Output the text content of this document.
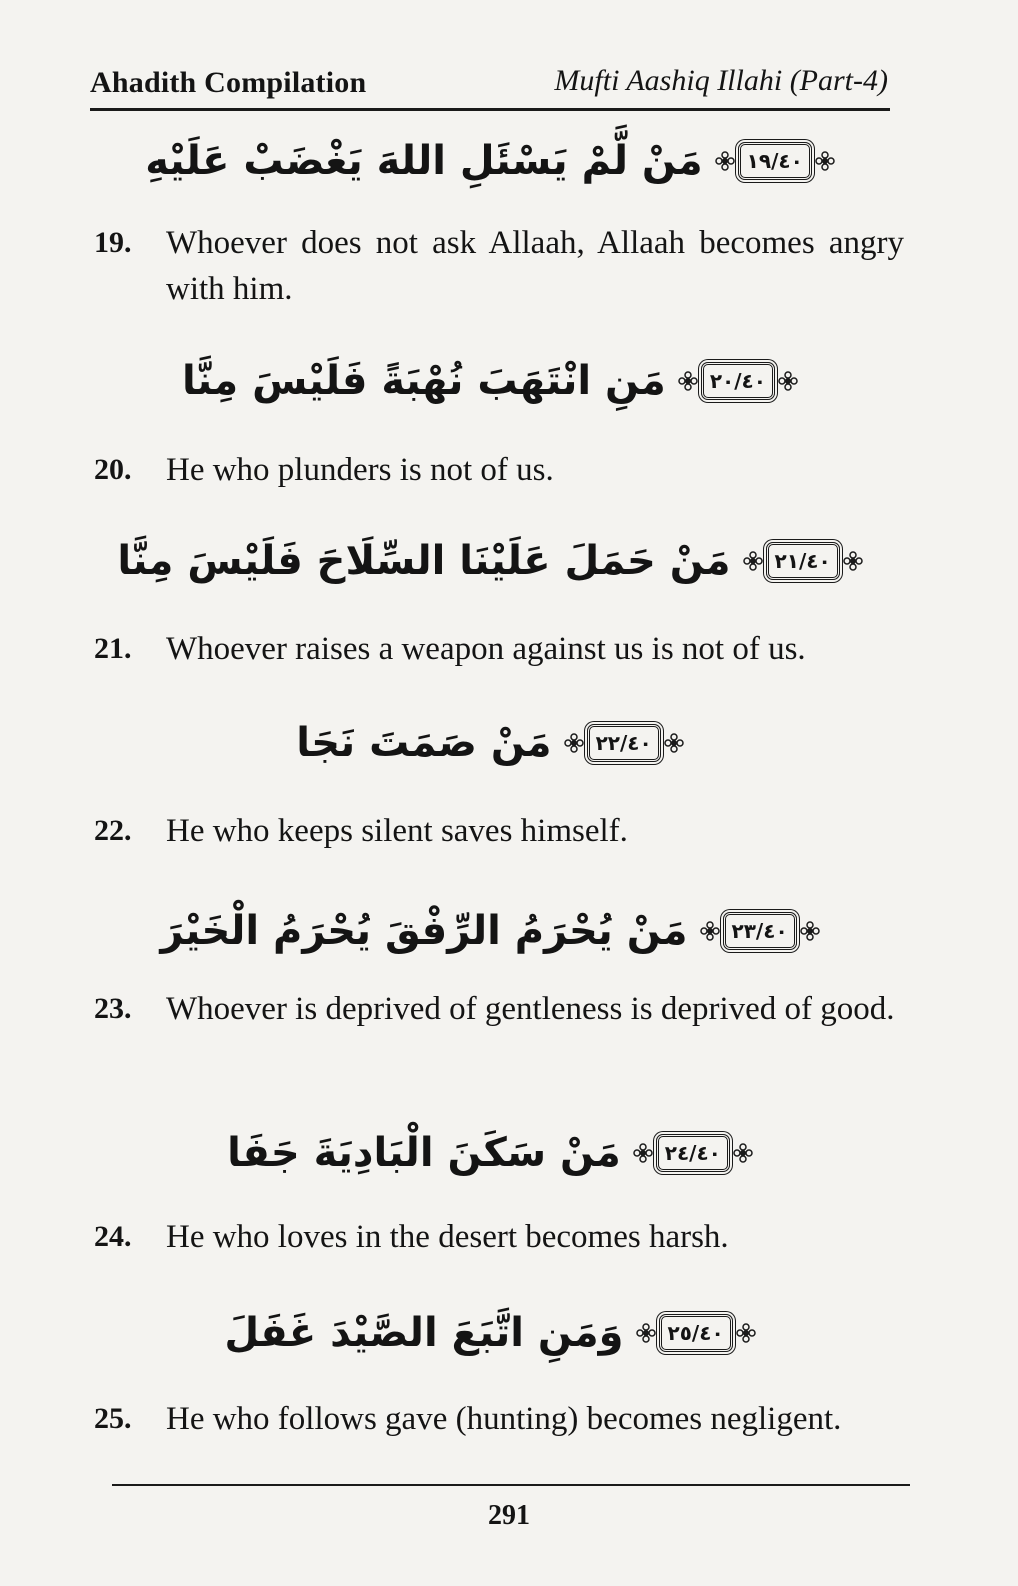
Ahadith Compilation	Mufti Aashiq Illahi (Part-4)
مَنْ لَّمْ يَسْئَلِ اللهَ يَغْضَبْ عَلَيْهِ	١٩/٤٠
19. Whoever does not ask Allaah, Allaah becomes angry with him.
مَنِ انْتَهَبَ نُهْبَةً فَلَيْسَ مِنَّا	٢٠/٤٠
20. He who plunders is not of us.
مَنْ حَمَلَ عَلَيْنَا السِّلَاحَ فَلَيْسَ مِنَّا	٢١/٤٠
21. Whoever raises a weapon against us is not of us.
مَنْ صَمَتَ نَجَا	٢٢/٤٠
22. He who keeps silent saves himself.
مَنْ يُحْرَمُ الرِّفْقَ يُحْرَمُ الْخَيْرَ	٢٣/٤٠
23. Whoever is deprived of gentleness is deprived of good.
مَنْ سَكَنَ الْبَادِيَةَ جَفَا	٢٤/٤٠
24. He who loves in the desert becomes harsh.
وَمَنِ اتَّبَعَ الصَّيْدَ غَفَلَ	٢٥/٤٠
25. He who follows gave (hunting) becomes negligent.
291
